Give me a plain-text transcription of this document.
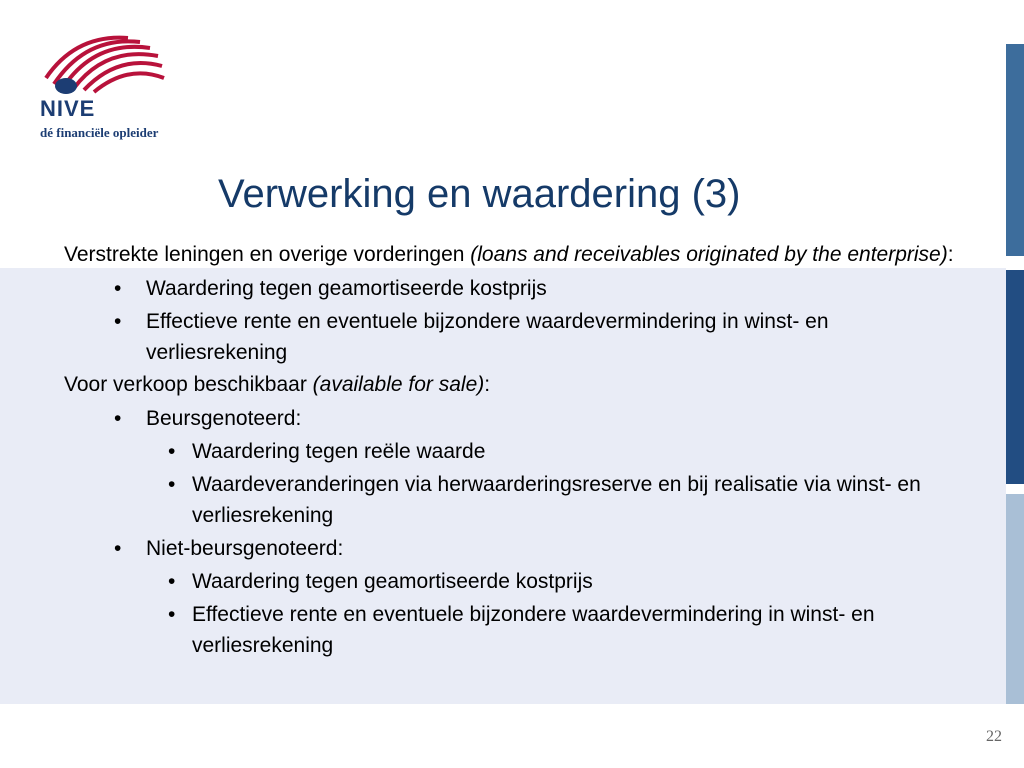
NIVE
dé financiële opleider
Verwerking en waardering (3)
Verstrekte leningen en overige vorderingen (loans and receivables originated by the enterprise):
• Waardering tegen geamortiseerde kostprijs
• Effectieve rente en eventuele bijzondere waardevermindering in winst- en verliesrekening
Voor verkoop beschikbaar (available for sale):
• Beursgenoteerd:
• Waardering tegen reële waarde
• Waardeveranderingen via herwaarderingsreserve en bij realisatie via winst- en verliesrekening
• Niet-beursgenoteerd:
• Waardering tegen geamortiseerde kostprijs
• Effectieve rente en eventuele bijzondere waardevermindering in winst- en verliesrekening
22
